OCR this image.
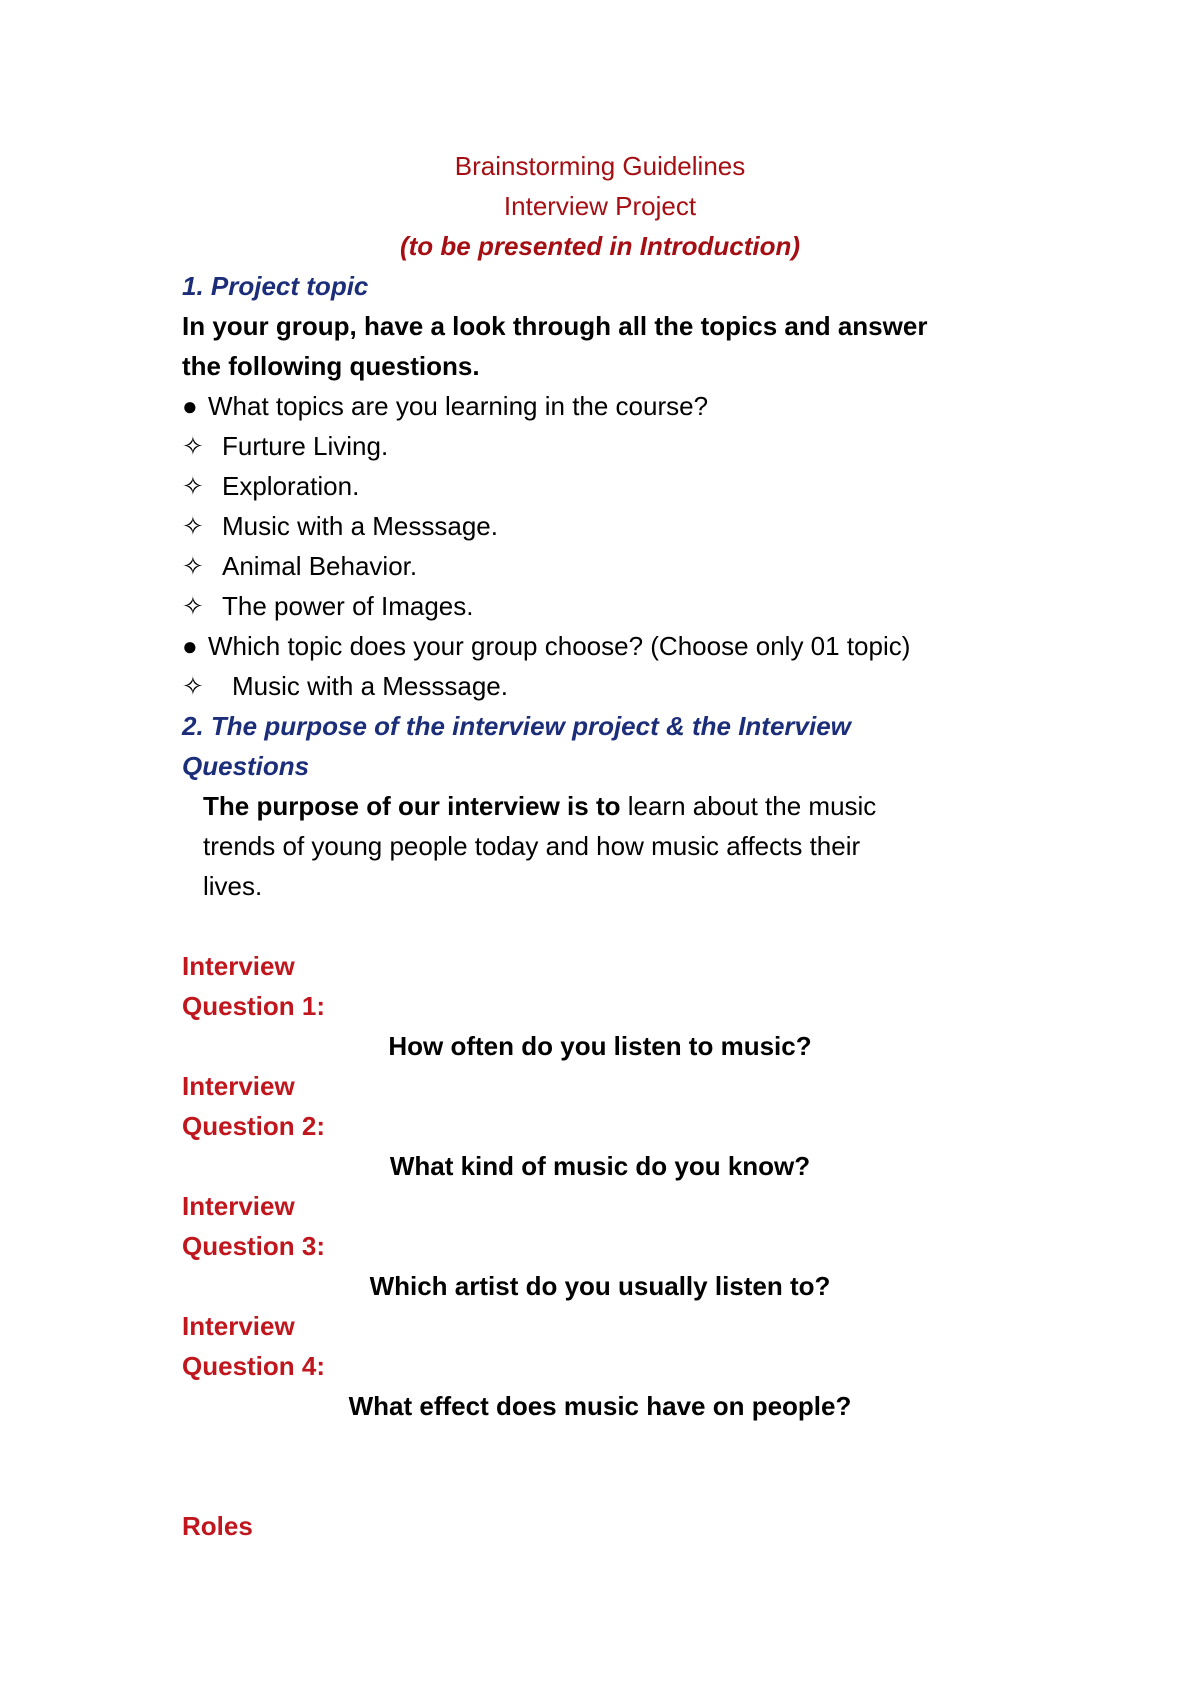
Brainstorming Guidelines
Interview Project
(to be presented in Introduction)
1. Project topic
In your group, have a look through all the topics and answer
the following questions.
● What topics are you learning in the course?
✧ Furture Living.
✧ Exploration.
✧ Music with a Messsage.
✧ Animal Behavior.
✧ The power of Images.
● Which topic does your group choose? (Choose only 01 topic)
✧ Music with a Messsage.
2. The purpose of the interview project & the Interview
Questions
The purpose of our interview is to learn about the music
trends of young people today and how music affects their
lives.
Interview
Question 1:
How often do you listen to music?
Interview
Question 2:
What kind of music do you know?
Interview
Question 3:
Which artist do you usually listen to?
Interview
Question 4:
What effect does music have on people?
Roles
